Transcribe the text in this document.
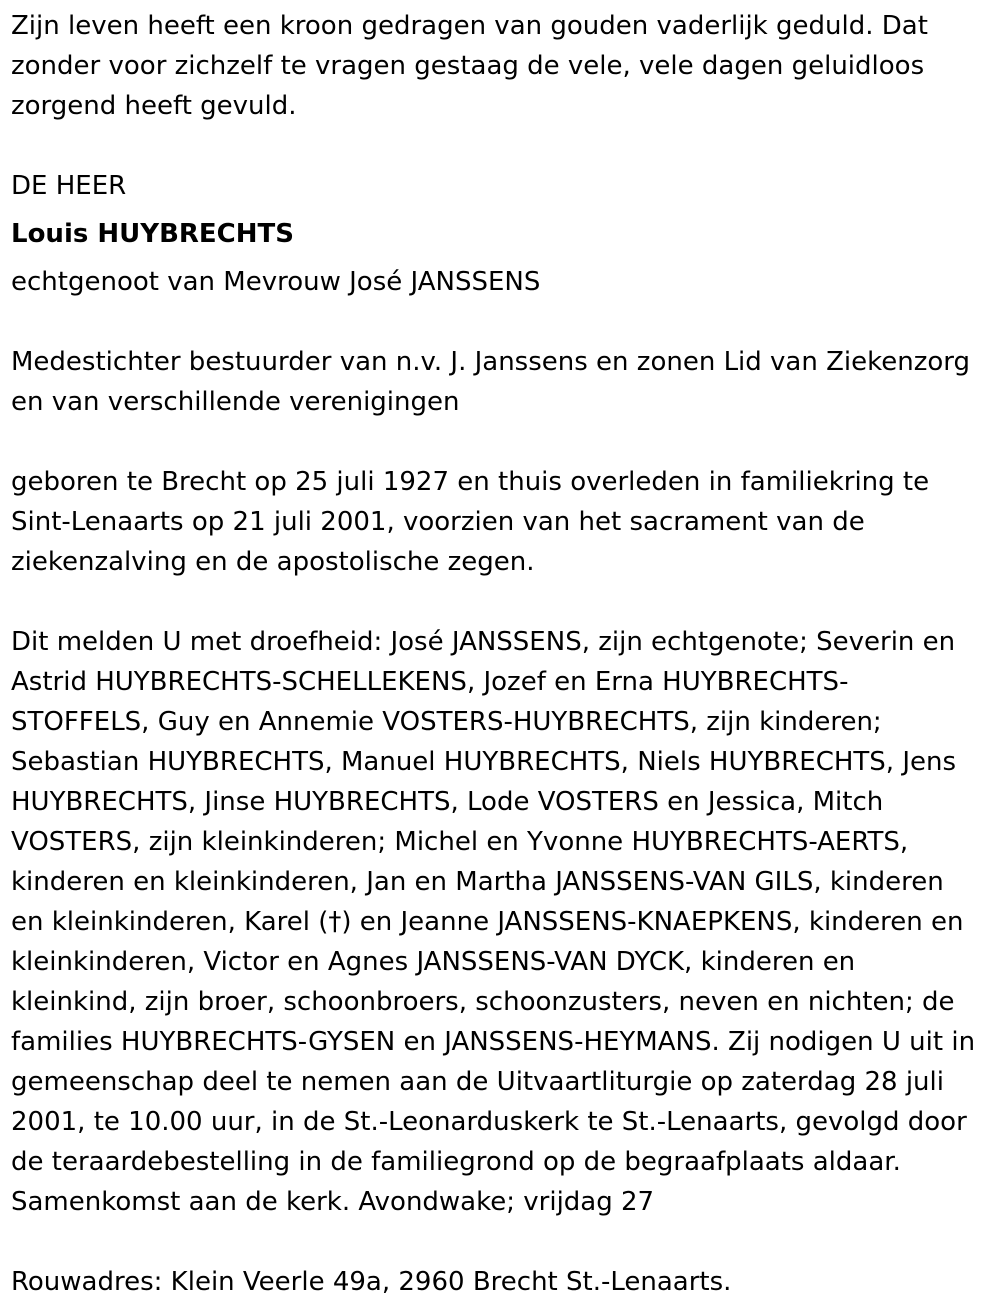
Zijn leven heeft een kroon gedragen van gouden vaderlijk geduld. Dat
zonder voor zichzelf te vragen gestaag de vele, vele dagen geluidloos
zorgend heeft gevuld.

DE HEER

Louis HUYBRECHTS

echtgenoot van Mevrouw José JANSSENS

Medestichter bestuurder van n.v. J. Janssens en zonen Lid van Ziekenzorg
en van verschillende verenigingen

geboren te Brecht op 25 juli 1927 en thuis overleden in familiekring te
Sint-Lenaarts op 21 juli 2001, voorzien van het sacrament van de
ziekenzalving en de apostolische zegen.

Dit melden U met droefheid: José JANSSENS, zijn echtgenote; Severin en
Astrid HUYBRECHTS-SCHELLEKENS, Jozef en Erna HUYBRECHTS-
STOFFELS, Guy en Annemie VOSTERS-HUYBRECHTS, zijn kinderen;
Sebastian HUYBRECHTS, Manuel HUYBRECHTS, Niels HUYBRECHTS, Jens
HUYBRECHTS, Jinse HUYBRECHTS, Lode VOSTERS en Jessica, Mitch
VOSTERS, zijn kleinkinderen; Michel en Yvonne HUYBRECHTS-AERTS,
kinderen en kleinkinderen, Jan en Martha JANSSENS-VAN GILS, kinderen
en kleinkinderen, Karel (†) en Jeanne JANSSENS-KNAEPKENS, kinderen en
kleinkinderen, Victor en Agnes JANSSENS-VAN DYCK, kinderen en
kleinkind, zijn broer, schoonbroers, schoonzusters, neven en nichten; de
families HUYBRECHTS-GYSEN en JANSSENS-HEYMANS. Zij nodigen U uit in
gemeenschap deel te nemen aan de Uitvaartliturgie op zaterdag 28 juli
2001, te 10.00 uur, in de St.-Leonarduskerk te St.-Lenaarts, gevolgd door
de teraardebestelling in de familiegrond op de begraafplaats aldaar.
Samenkomst aan de kerk. Avondwake; vrijdag 27

Rouwadres: Klein Veerle 49a, 2960 Brecht St.-Lenaarts.
